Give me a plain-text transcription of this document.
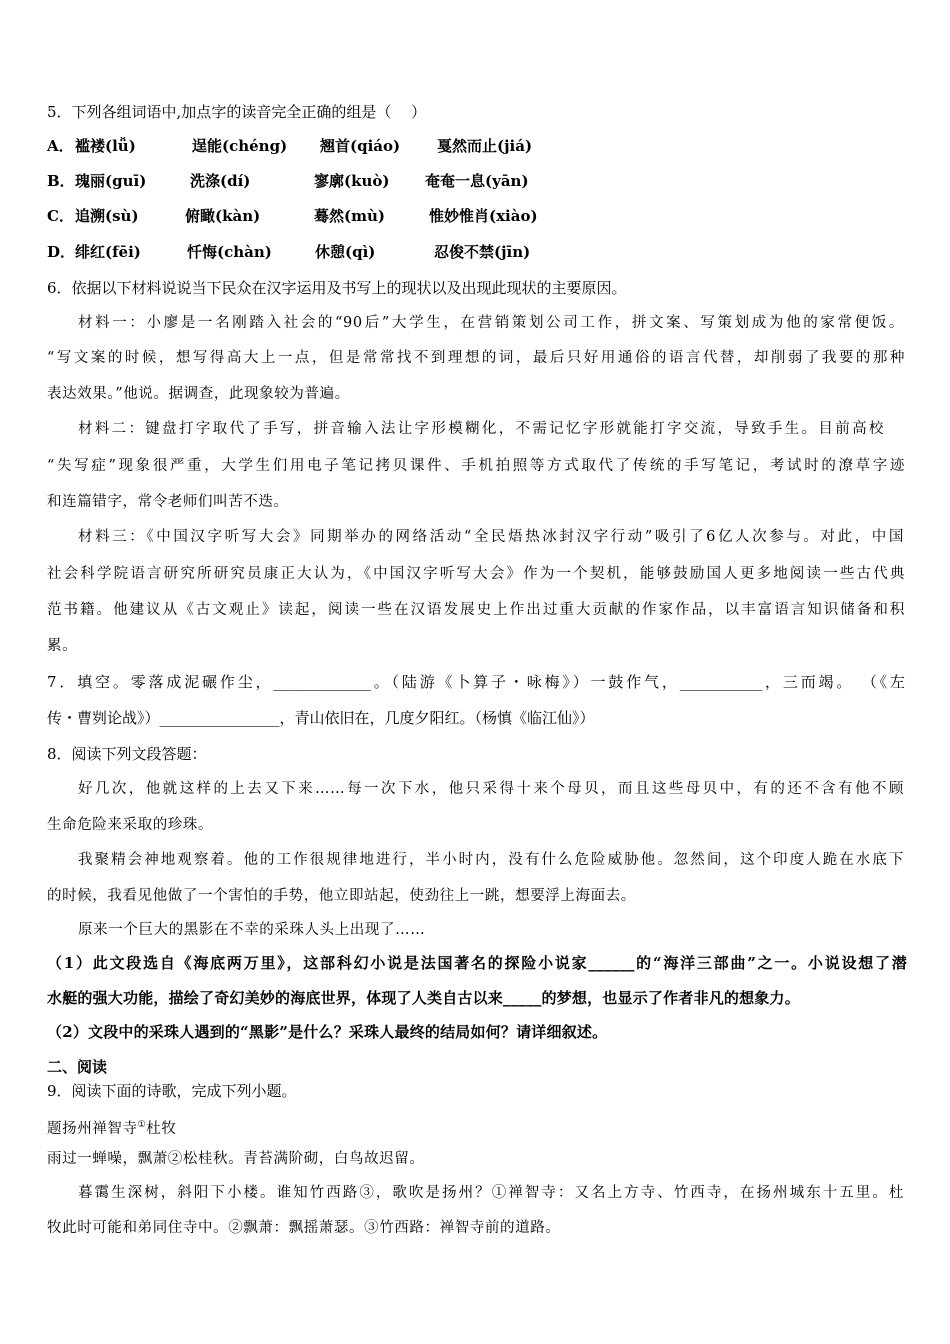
5．下列各组词语中,加点字的读音完全正确的组是（　 ）
A． 褴褛(lǚ)	逞能(chéng) 翘首(qiáo) 戛然而止(jiá)
B． 瑰丽(guī)	洗涤(dí)	寥廓(kuò) 奄奄一息(yān)
C． 追溯(sù)	俯瞰(kàn)	蓦然(mù)	惟妙惟肖(xiào)
D． 绯红(fēi)	忏悔(chàn)	休憩(qì)	忍俊不禁(jīn)
6．依据以下材料说说当下民众在汉字运用及书写上的现状以及出现此现状的主要原因。
材料一：小廖是一名刚踏入社会的“90后”大学生，在营销策划公司工作，拼文案、写策划成为他的家常便饭。
“写文案的时候，想写得高大上一点，但是常常找不到理想的词，最后只好用通俗的语言代替，却削弱了我要的那种
表达效果。”他说。据调查，此现象较为普遍。
材料二：键盘打字取代了手写，拼音输入法让字形模糊化，不需记忆字形就能打字交流，导致手生。目前高校
“失写症”现象很严重，大学生们用电子笔记拷贝课件、手机拍照等方式取代了传统的手写笔记，考试时的潦草字迹
和连篇错字，常令老师们叫苦不迭。
材料三：《中国汉字听写大会》同期举办的网络活动“全民焐热冰封汉字行动”吸引了6亿人次参与。对此，中国
社会科学院语言研究所研究员康正大认为，《中国汉字听写大会》作为一个契机，能够鼓励国人更多地阅读一些古代典
范书籍。他建议从《古文观止》读起，阅读一些在汉语发展史上作出过重大贡献的作家作品，以丰富语言知识储备和积
累。
7．填空。零落成泥碾作尘，_____________。（陆游《卜算子・咏梅》）一鼓作气，___________，三而竭。 （《左
传・曹刿论战》）________________，青山依旧在，几度夕阳红。（杨慎《临江仙》）
8．阅读下列文段答题：
好几次，他就这样的上去又下来……每一次下水，他只采得十来个母贝，而且这些母贝中，有的还不含有他不顾
生命危险来采取的珍珠。
我聚精会神地观察着。他的工作很规律地进行，半小时内，没有什么危险威胁他。忽然间，这个印度人跪在水底下
的时候，我看见他做了一个害怕的手势，他立即站起，使劲往上一跳，想要浮上海面去。
原来一个巨大的黑影在不幸的采珠人头上出现了……
（1）此文段选自《海底两万里》，这部科幻小说是法国著名的探险小说家______的“海洋三部曲”之一。小说设想了潜
水艇的强大功能，描绘了奇幻美妙的海底世界，体现了人类自古以来_____的梦想，也显示了作者非凡的想象力。
（2）文段中的采珠人遇到的“黑影”是什么？采珠人最终的结局如何？请详细叙述。
二、阅读
9．阅读下面的诗歌，完成下列小题。
题扬州禅智寺①杜牧
雨过一蝉噪，飘萧②松桂秋。青苔满阶砌，白鸟故迟留。
暮霭生深树，斜阳下小楼。谁知竹西路③，歌吹是扬州？①禅智寺：又名上方寺、竹西寺，在扬州城东十五里。杜
牧此时可能和弟同住寺中。②飘萧：飘摇萧瑟。③竹西路：禅智寺前的道路。
